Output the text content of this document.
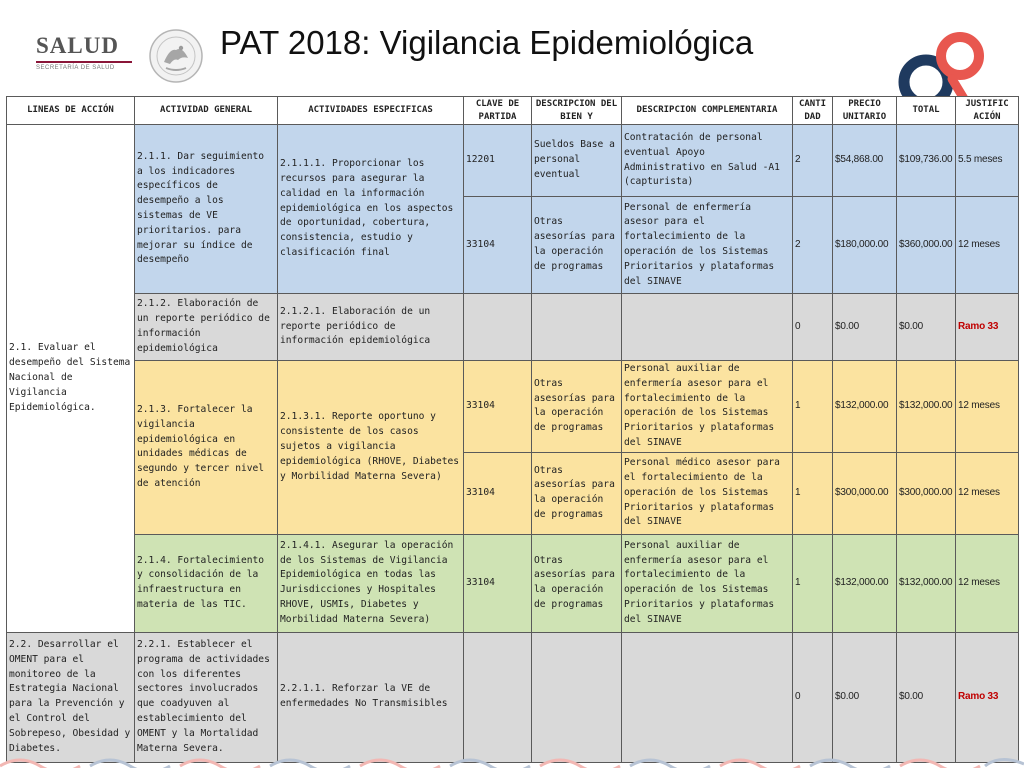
SALUD
SECRETARÍA DE SALUD
PAT 2018: Vigilancia Epidemiológica
LINEAS DE ACCIÓN	ACTIVIDAD GENERAL	ACTIVIDADES ESPECIFICAS	CLAVE DE PARTIDA	DESCRIPCION DEL BIEN Y	DESCRIPCION COMPLEMENTARIA	CANTI DAD	PRECIO UNITARIO	TOTAL	JUSTIFIC ACIÓN
2.1. Evaluar el desempeño del Sistema Nacional de Vigilancia Epidemiológica.	2.1.1. Dar seguimiento a los indicadores específicos de desempeño a los sistemas de VE prioritarios. para mejorar su índice de desempeño	2.1.1.1. Proporcionar los recursos para asegurar la calidad en la información epidemiológica en los aspectos de oportunidad, cobertura, consistencia, estudio y clasificación final	12201	Sueldos Base a personal eventual	Contratación de personal eventual Apoyo Administrativo en Salud -A1 (capturista)	2	$54,868.00	$109,736.00	5.5 meses
			33104	Otras asesorías para la operación de programas	Personal de enfermería asesor para el fortalecimiento de la operación de los Sistemas Prioritarios y plataformas del SINAVE	2	$180,000.00	$360,000.00	12 meses
	2.1.2. Elaboración de un reporte periódico de información epidemiológica	2.1.2.1. Elaboración de un reporte periódico de información epidemiológica				0	$0.00	$0.00	Ramo 33
	2.1.3. Fortalecer la vigilancia epidemiológica en unidades médicas de segundo y tercer nivel de atención	2.1.3.1. Reporte oportuno y consistente de los casos sujetos a vigilancia epidemiológica (RHOVE, Diabetes y Morbilidad Materna Severa)	33104	Otras asesorías para la operación de programas	Personal auxiliar de enfermería asesor para el fortalecimiento de la operación de los Sistemas Prioritarios y plataformas del SINAVE	1	$132,000.00	$132,000.00	12 meses
			33104	Otras asesorías para la operación de programas	Personal médico asesor para el fortalecimiento de la operación de los Sistemas Prioritarios y plataformas del SINAVE	1	$300,000.00	$300,000.00	12 meses
	2.1.4. Fortalecimiento y consolidación de la infraestructura en materia de las TIC.	2.1.4.1. Asegurar la operación de los Sistemas de Vigilancia Epidemiológica en todas las Jurisdicciones y Hospitales RHOVE, USMIs, Diabetes y Morbilidad Materna Severa)	33104	Otras asesorías para la operación de programas	Personal auxiliar de enfermería asesor para el fortalecimiento de la operación de los Sistemas Prioritarios y plataformas del SINAVE	1	$132,000.00	$132,000.00	12 meses
2.2. Desarrollar el OMENT para el monitoreo de la Estrategia Nacional para la Prevención y el Control del Sobrepeso, Obesidad y Diabetes.	2.2.1. Establecer el programa de actividades con los diferentes sectores involucrados que coadyuven al establecimiento del OMENT y la Mortalidad Materna Severa.	2.2.1.1. Reforzar la VE de enfermedades No Transmisibles				0	$0.00	$0.00	Ramo 33
